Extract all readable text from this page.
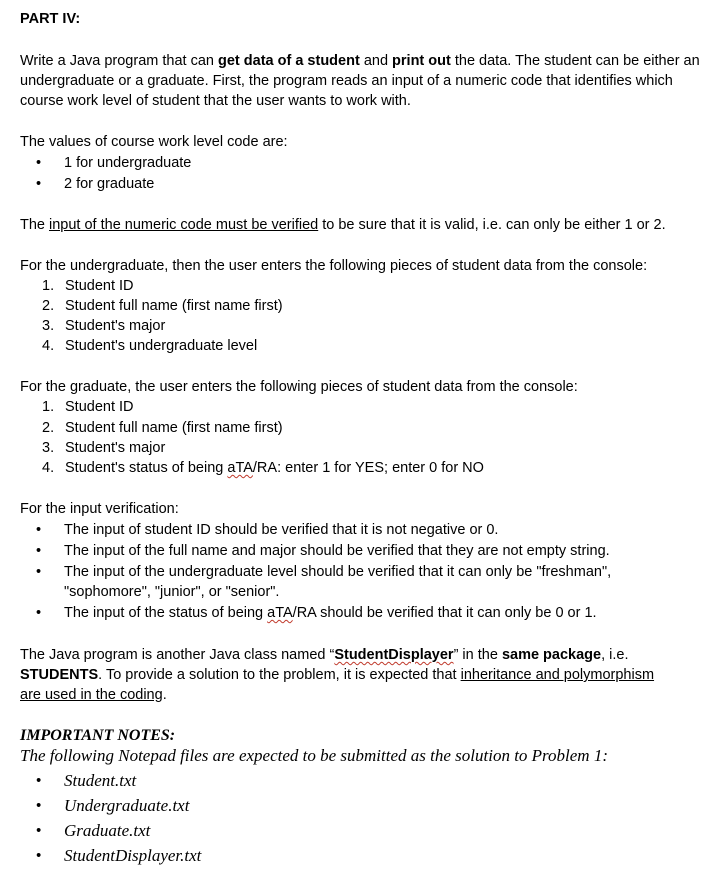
PART IV:
Write a Java program that can get data of a student and print out the data. The student can be either an undergraduate or a graduate. First, the program reads an input of a numeric code that identifies which course work level of student that the user wants to work with.
The values of course work level code are:
• 1 for undergraduate
• 2 for graduate
The input of the numeric code must be verified to be sure that it is valid, i.e. can only be either 1 or 2.
For the undergraduate, then the user enters the following pieces of student data from the console:
1. Student ID
2. Student full name (first name first)
3. Student's major
4. Student's undergraduate level
For the graduate, the user enters the following pieces of student data from the console:
1. Student ID
2. Student full name (first name first)
3. Student's major
4. Student's status of being aTA/RA: enter 1 for YES; enter 0 for NO
For the input verification:
• The input of student ID should be verified that it is not negative or 0.
• The input of the full name and major should be verified that they are not empty string.
• The input of the undergraduate level should be verified that it can only be "freshman",
"sophomore", "junior", or "senior".
• The input of the status of being aTA/RA should be verified that it can only be 0 or 1.
The Java program is another Java class named “StudentDisplayer” in the same package, i.e.
STUDENTS. To provide a solution to the problem, it is expected that inheritance and polymorphism
are used in the coding.
IMPORTANT NOTES:
The following Notepad files are expected to be submitted as the solution to Problem 1:
• Student.txt
• Undergraduate.txt
• Graduate.txt
• StudentDisplayer.txt
